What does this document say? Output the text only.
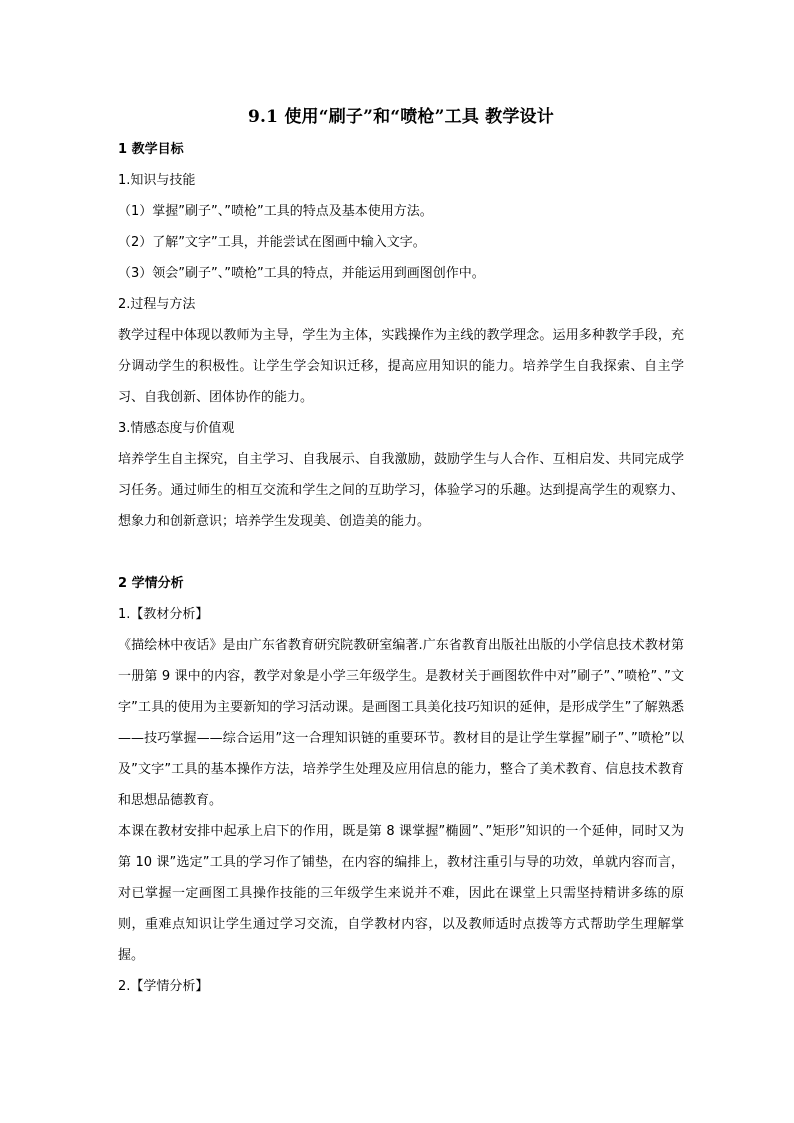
9.1 使用“刷子”和“喷枪”工具 教学设计
1 教学目标
1.知识与技能
（1）掌握”刷子”、”喷枪”工具的特点及基本使用方法。
（2）了解”文字”工具，并能尝试在图画中输入文字。
（3）领会”刷子”、”喷枪”工具的特点，并能运用到画图创作中。
2.过程与方法
教学过程中体现以教师为主导，学生为主体，实践操作为主线的教学理念。运用多种教学手段，充分调动学生的积极性。让学生学会知识迁移，提高应用知识的能力。培养学生自我探索、自主学习、自我创新、团体协作的能力。
3.情感态度与价值观
培养学生自主探究，自主学习、自我展示、自我激励，鼓励学生与人合作、互相启发、共同完成学习任务。通过师生的相互交流和学生之间的互助学习，体验学习的乐趣。达到提高学生的观察力、想象力和创新意识；培养学生发现美、创造美的能力。
2 学情分析
1.【教材分析】
《描绘林中夜话》是由广东省教育研究院教研室编著.广东省教育出版社出版的小学信息技术教材第一册第 9 课中的内容，教学对象是小学三年级学生。是教材关于画图软件中对”刷子”、”喷枪”、”文字”工具的使用为主要新知的学习活动课。是画图工具美化技巧知识的延伸，是形成学生”了解熟悉——技巧掌握——综合运用”这一合理知识链的重要环节。教材目的是让学生掌握”刷子”、”喷枪”以及”文字”工具的基本操作方法，培养学生处理及应用信息的能力，整合了美术教育、信息技术教育和思想品德教育。
本课在教材安排中起承上启下的作用，既是第 8 课掌握”椭圆”、”矩形”知识的一个延伸，同时又为第 10 课”选定”工具的学习作了铺垫，在内容的编排上，教材注重引与导的功效，单就内容而言，对已掌握一定画图工具操作技能的三年级学生来说并不难，因此在课堂上只需坚持精讲多练的原则，重难点知识让学生通过学习交流，自学教材内容，以及教师适时点拨等方式帮助学生理解掌握。
2.【学情分析】
